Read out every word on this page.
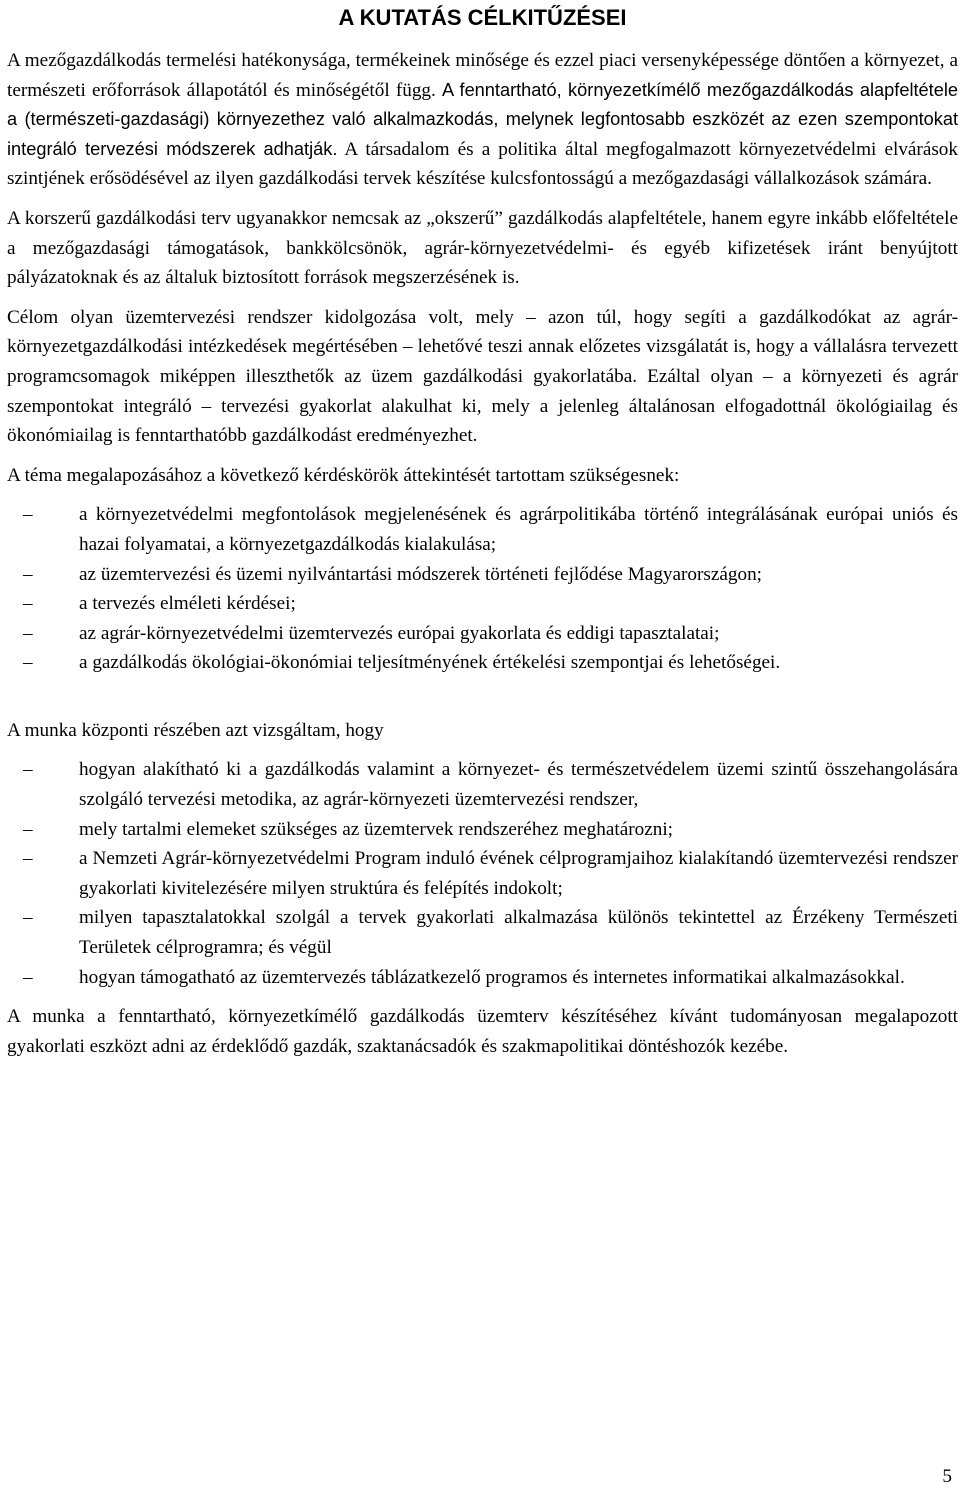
A KUTATÁS CÉLKITŰZÉSEI

A mezőgazdálkodás termelési hatékonysága, termékeinek minősége és ezzel piaci versenyképessége döntően a környezet, a természeti erőforrások állapotától és minőségétől függ. A fenntartható, környezetkímélő mezőgazdálkodás alapfeltétele a (természeti-gazdasági) környezethez való alkalmazkodás, melynek legfontosabb eszközét az ezen szempontokat integráló tervezési módszerek adhatják. A társadalom és a politika által megfogalmazott környezetvédelmi elvárások szintjének erősödésével az ilyen gazdálkodási tervek készítése kulcsfontosságú a mezőgazdasági vállalkozások számára.

A korszerű gazdálkodási terv ugyanakkor nemcsak az „okszerű” gazdálkodás alapfeltétele, hanem egyre inkább előfeltétele a mezőgazdasági támogatások, bankkölcsönök, agrár-környezetvédelmi- és egyéb kifizetések iránt benyújtott pályázatoknak és az általuk biztosított források megszerzésének is.

Célom olyan üzemtervezési rendszer kidolgozása volt, mely – azon túl, hogy segíti a gazdálkodókat az agrár-környezetgazdálkodási intézkedések megértésében – lehetővé teszi annak előzetes vizsgálatát is, hogy a vállalásra tervezett programcsomagok miképpen illeszthetők az üzem gazdálkodási gyakorlatába. Ezáltal olyan – a környezeti és agrár szempontokat integráló – tervezési gyakorlat alakulhat ki, mely a jelenleg általánosan elfogadottnál ökológiailag és ökonómiailag is fenntarthatóbb gazdálkodást eredményezhet.

A téma megalapozásához a következő kérdéskörök áttekintését tartottam szükségesnek:

– a környezetvédelmi megfontolások megjelenésének és agrárpolitikába történő integrálásának európai uniós és hazai folyamatai, a környezetgazdálkodás kialakulása;
– az üzemtervezési és üzemi nyilvántartási módszerek történeti fejlődése Magyarországon;
– a tervezés elméleti kérdései;
– az agrár-környezetvédelmi üzemtervezés európai gyakorlata és eddigi tapasztalatai;
– a gazdálkodás ökológiai-ökonómiai teljesítményének értékelési szempontjai és lehetőségei.

A munka központi részében azt vizsgáltam, hogy

– hogyan alakítható ki a gazdálkodás valamint a környezet- és természetvédelem üzemi szintű összehangolására szolgáló tervezési metodika, az agrár-környezeti üzemtervezési rendszer,
– mely tartalmi elemeket szükséges az üzemtervek rendszeréhez meghatározni;
– a Nemzeti Agrár-környezetvédelmi Program induló évének célprogramjaihoz kialakítandó üzemtervezési rendszer gyakorlati kivitelezésére milyen struktúra és felépítés indokolt;
– milyen tapasztalatokkal szolgál a tervek gyakorlati alkalmazása különös tekintettel az Érzékeny Természeti Területek célprogramra; és végül
– hogyan támogatható az üzemtervezés táblázatkezelő programos és internetes informatikai alkalmazásokkal.

A munka a fenntartható, környezetkímélő gazdálkodás üzemterv készítéséhez kívánt tudományosan megalapozott gyakorlati eszközt adni az érdeklődő gazdák, szaktanácsadók és szakmapolitikai döntéshozók kezébe.

5
